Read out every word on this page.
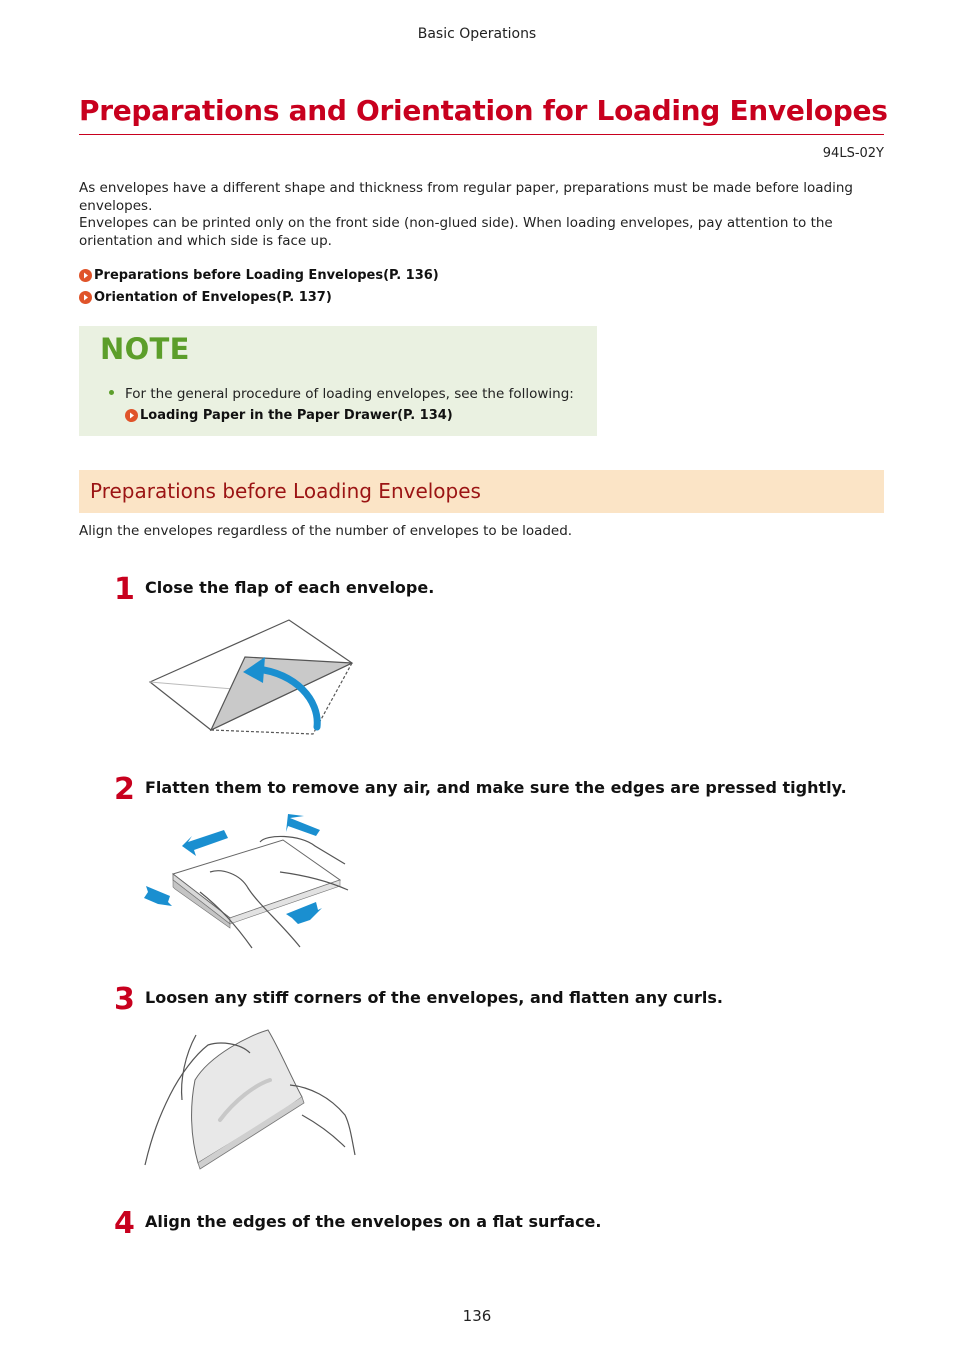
Basic Operations
Preparations and Orientation for Loading Envelopes
94LS-02Y

As envelopes have a different shape and thickness from regular paper, preparations must be made before loading envelopes.

Envelopes can be printed only on the front side (non-glued side). When loading envelopes, pay attention to the orientation and which side is face up.

Preparations before Loading Envelopes(P. 136)
Orientation of Envelopes(P. 137)
NOTE
For the general procedure of loading envelopes, see the following:
Loading Paper in the Paper Drawer(P. 134)
Preparations before Loading Envelopes
Align the envelopes regardless of the number of envelopes to be loaded.
1 Close the flap of each envelope.
2 Flatten them to remove any air, and make sure the edges are pressed tightly.
3 Loosen any stiff corners of the envelopes, and flatten any curls.
4 Align the edges of the envelopes on a flat surface.
136
